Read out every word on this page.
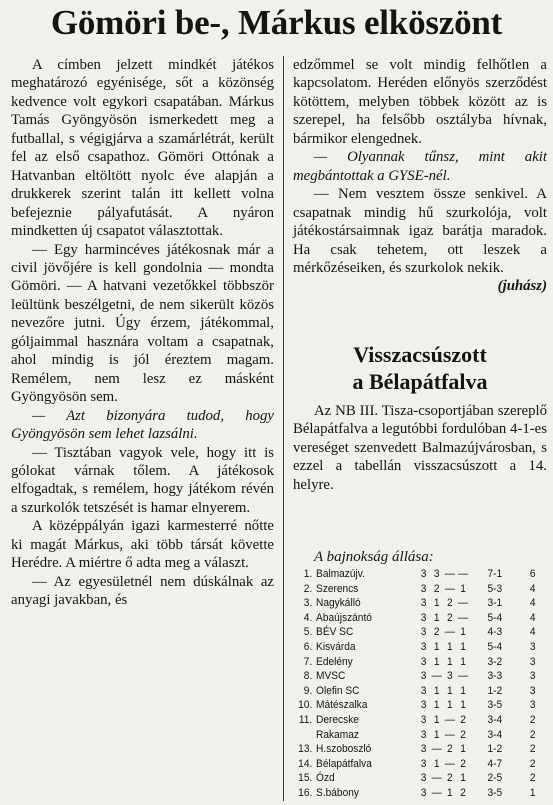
Gömöri be-, Márkus elköszönt

A címben jelzett mindkét játékos meghatározó egyénisége, sőt a közönség kedvence volt egykori csapatában. Márkus Tamás Gyöngyösön ismerkedett meg a futballal, s végigjárva a szamárlétrát, került fel az első csapathoz. Gömöri Ottónak a Hatvanban eltöltött nyolc éve alapján a drukkerek szerint talán itt kellett volna befejeznie pályafutását. A nyáron mindketten új csapatot választottak.

— Egy harmincéves játékosnak már a civil jövőjére is kell gondolnia — mondta Gömöri. — A hatvani vezetőkkel többször leültünk beszélgetni, de nem sikerült közös nevezőre jutni. Úgy érzem, játékommal, góljaimmal hasznára voltam a csapatnak, ahol mindig is jól éreztem magam. Remélem, nem lesz ez másként Gyöngyösön sem.

— Azt bizonyára tudod, hogy Gyöngyösön sem lehet lazsálni.

— Tisztában vagyok vele, hogy itt is gólokat várnak tőlem. A játékosok elfogadtak, s remélem, hogy játékom révén a szurkolók tetszését is hamar elnyerem.

A középpályán igazi karmesterré nőtte ki magát Márkus, aki több társát követte Herédre. A miértre ő adta meg a választ.

— Az egyesületnél nem dúskálnak az anyagi javakban, és

edzőmmel se volt mindig felhőtlen a kapcsolatom. Heréden előnyös szerződést kötöttem, melyben többek között az is szerepel, ha felsőbb osztályba hívnak, bármikor elengednek.

— Olyannak tűnsz, mint akit megbántottak a GYSE-nél.

— Nem vesztem össze senkivel. A csapatnak mindig hű szurkolója, volt játékostársaimnak igaz barátja maradok. Ha csak tehetem, ott leszek a mérkőzéseiken, és szurkolok nekik.

(juhász)

Visszacsúszott
a Bélapátfalva

Az NB III. Tisza-csoportjában szereplő Bélapátfalva a legutóbbi fordulóban 4-1-es vereséget szenvedett Balmazújvárosban, s ezzel a tabellán visszacsúszott a 14. helyre.

A bajnokság állása:
1.	Balmazújv.	3	3	—	—	7-1	6
2.	Szerencs	3	2	—	1	5-3	4
3.	Nagykálló	3	1	2	—	3-1	4
4.	Abaújszántó	3	1	2	—	5-4	4
5.	BÉV SC	3	2	—	1	4-3	4
6.	Kisvárda	3	1	1	1	5-4	3
7.	Edelény	3	1	1	1	3-2	3
8.	MVSC	3	—	3	—	3-3	3
9.	Olefin SC	3	1	1	1	1-2	3
10.	Mátészalka	3	1	1	1	3-5	3
11.	Derecske	3	1	—	2	3-4	2
	Rakamaz	3	1	—	2	3-4	2
13.	H.szoboszló	3	—	2	1	1-2	2
14.	Bélapátfalva	3	1	—	2	4-7	2
15.	Ózd	3	—	2	1	2-5	2
16.	S.bábony	3	—	1	2	3-5	1
